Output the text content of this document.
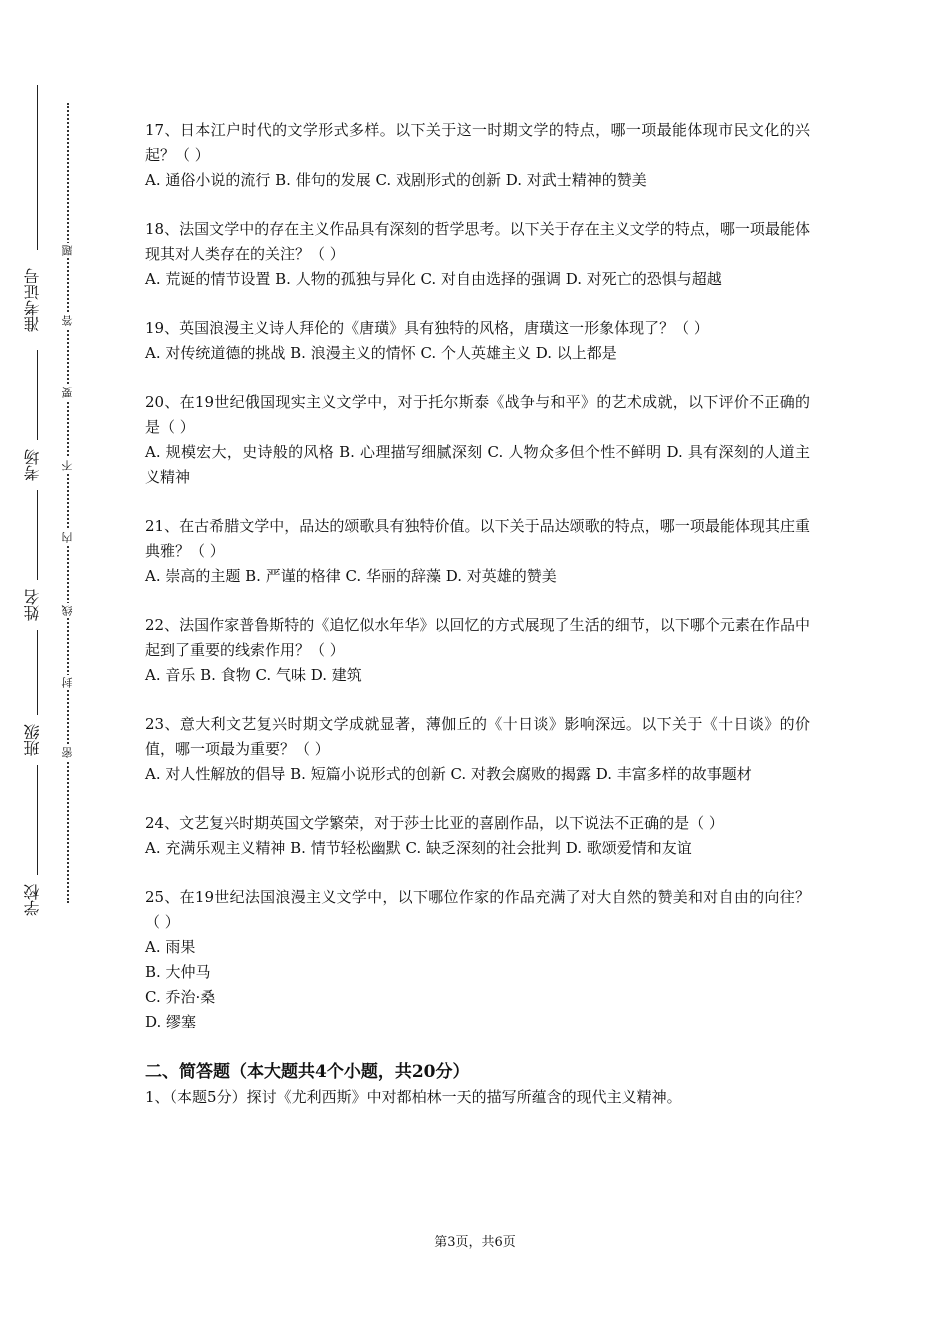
准考证号
考场
姓名
班级
学校
题
答
要
不
内
线
封
密

17、日本江户时代的文学形式多样。以下关于这一时期文学的特点，哪一项最能体现市民文化的兴起？（ ）

A. 通俗小说的流行 B. 俳句的发展 C. 戏剧形式的创新 D. 对武士精神的赞美

18、法国文学中的存在主义作品具有深刻的哲学思考。以下关于存在主义文学的特点，哪一项最能体现其对人类存在的关注？（ ）

A. 荒诞的情节设置 B. 人物的孤独与异化 C. 对自由选择的强调 D. 对死亡的恐惧与超越

19、英国浪漫主义诗人拜伦的《唐璜》具有独特的风格，唐璜这一形象体现了？（ ）

A. 对传统道德的挑战 B. 浪漫主义的情怀 C. 个人英雄主义 D. 以上都是

20、在19世纪俄国现实主义文学中，对于托尔斯泰《战争与和平》的艺术成就，以下评价不正确的是（ ）

A. 规模宏大，史诗般的风格 B. 心理描写细腻深刻 C. 人物众多但个性不鲜明 D. 具有深刻的人道主义精神

21、在古希腊文学中，品达的颂歌具有独特价值。以下关于品达颂歌的特点，哪一项最能体现其庄重典雅？（ ）

A. 崇高的主题 B. 严谨的格律 C. 华丽的辞藻 D. 对英雄的赞美

22、法国作家普鲁斯特的《追忆似水年华》以回忆的方式展现了生活的细节，以下哪个元素在作品中起到了重要的线索作用？（ ）

A. 音乐 B. 食物 C. 气味 D. 建筑

23、意大利文艺复兴时期文学成就显著，薄伽丘的《十日谈》影响深远。以下关于《十日谈》的价值，哪一项最为重要？（ ）

A. 对人性解放的倡导 B. 短篇小说形式的创新 C. 对教会腐败的揭露 D. 丰富多样的故事题材

24、文艺复兴时期英国文学繁荣，对于莎士比亚的喜剧作品，以下说法不正确的是（ ）

A. 充满乐观主义精神 B. 情节轻松幽默 C. 缺乏深刻的社会批判 D. 歌颂爱情和友谊

25、在19世纪法国浪漫主义文学中，以下哪位作家的作品充满了对大自然的赞美和对自由的向往？（ ）

A. 雨果

B. 大仲马

C. 乔治·桑

D. 缪塞

二、简答题（本大题共4个小题，共20分）

1、（本题5分）探讨《尤利西斯》中对都柏林一天的描写所蕴含的现代主义精神。

第3页，共6页
